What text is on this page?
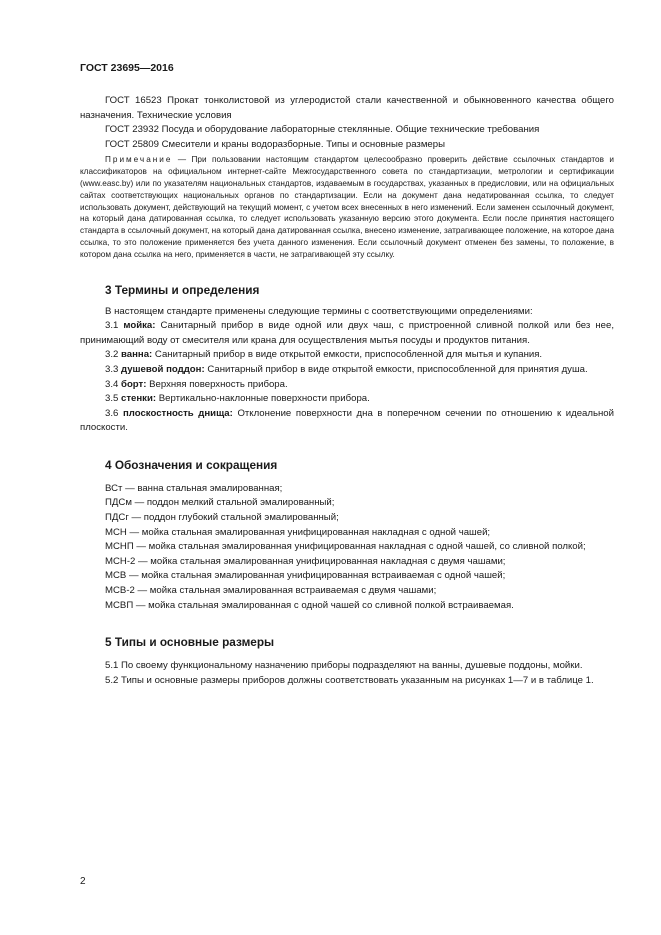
ГОСТ 23695—2016

ГОСТ 16523 Прокат тонколистовой из углеродистой стали качественной и обыкновенного качества общего назначения. Технические условия

ГОСТ 23932 Посуда и оборудование лабораторные стеклянные. Общие технические требования

ГОСТ 25809 Смесители и краны водоразборные. Типы и основные размеры

Примечание — При пользовании настоящим стандартом целесообразно проверить действие ссылочных стандартов и классификаторов на официальном интернет-сайте Межгосударственного совета по стандартизации, метрологии и сертификации (www.easc.by) или по указателям национальных стандартов, издаваемым в государствах, указанных в предисловии, или на официальных сайтах соответствующих национальных органов по стандартизации. Если на документ дана недатированная ссылка, то следует использовать документ, действующий на текущий момент, с учетом всех внесенных в него изменений. Если заменен ссылочный документ, на который дана датированная ссылка, то следует использовать указанную версию этого документа. Если после принятия настоящего стандарта в ссылочный документ, на который дана датированная ссылка, внесено изменение, затрагивающее положение, на которое дана ссылка, то это положение применяется без учета данного изменения. Если ссылочный документ отменен без замены, то положение, в котором дана ссылка на него, применяется в части, не затрагивающей эту ссылку.

3 Термины и определения

В настоящем стандарте применены следующие термины с соответствующими определениями:

3.1 мойка: Санитарный прибор в виде одной или двух чаш, с пристроенной сливной полкой или без нее, принимающий воду от смесителя или крана для осуществления мытья посуды и продуктов питания.

3.2 ванна: Санитарный прибор в виде открытой емкости, приспособленной для мытья и купания.

3.3 душевой поддон: Санитарный прибор в виде открытой емкости, приспособленной для принятия душа.

3.4 борт: Верхняя поверхность прибора.

3.5 стенки: Вертикально-наклонные поверхности прибора.

3.6 плоскостность днища: Отклонение поверхности дна в поперечном сечении по отношению к идеальной плоскости.

4 Обозначения и сокращения

ВСт — ванна стальная эмалированная;

ПДСм — поддон мелкий стальной эмалированный;

ПДСг — поддон глубокий стальной эмалированный;

МСН — мойка стальная эмалированная унифицированная накладная с одной чашей;

МСНП — мойка стальная эмалированная унифицированная накладная с одной чашей, со сливной полкой;

МСН-2 — мойка стальная эмалированная унифицированная накладная с двумя чашами;

МСВ — мойка стальная эмалированная унифицированная встраиваемая с одной чашей;

МСВ-2 — мойка стальная эмалированная встраиваемая с двумя чашами;

МСВП — мойка стальная эмалированная с одной чашей со сливной полкой встраиваемая.

5 Типы и основные размеры

5.1 По своему функциональному назначению приборы подразделяют на ванны, душевые поддоны, мойки.

5.2 Типы и основные размеры приборов должны соответствовать указанным на рисунках 1—7 и в таблице 1.

2
